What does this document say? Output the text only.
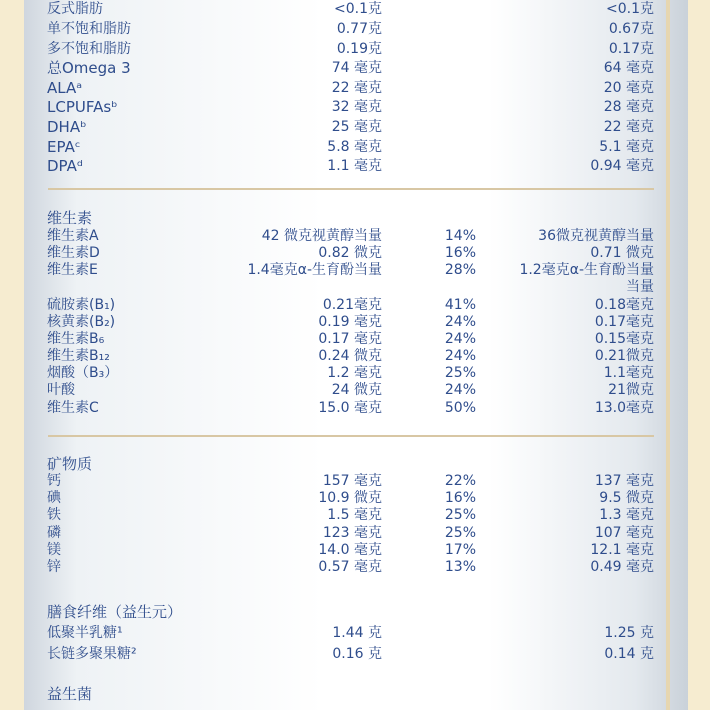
反式脂肪	<0.1克	<0.1克
单不饱和脂肪	0.77克	0.67克
多不饱和脂肪	0.19克	0.17克
总Omega 3	74 毫克	64 毫克
ALAᵃ	22 毫克	20 毫克
LCPUFAsᵇ	32 毫克	28 毫克
DHAᵇ	25 毫克	22 毫克
EPAᶜ	5.8 毫克	5.1 毫克
DPAᵈ	1.1 毫克	0.94 毫克
维生素
维生素A	42 微克视黄醇当量	14%	36微克视黄醇当量
维生素D	0.82 微克	16%	0.71 微克
维生素E	1.4毫克α-生育酚当量	28%	1.2毫克α-生育酚当量
当量
硫胺素(B₁)	0.21毫克	41%	0.18毫克
核黄素(B₂)	0.19 毫克	24%	0.17毫克
维生素B₆	0.17 毫克	24%	0.15毫克
维生素B₁₂	0.24 微克	24%	0.21微克
烟酸（B₃）	1.2 毫克	25%	1.1毫克
叶酸	24 微克	24%	21微克
维生素C	15.0 毫克	50%	13.0毫克
矿物质
钙	157 毫克	22%	137 毫克
碘	10.9 微克	16%	9.5 微克
铁	1.5 毫克	25%	1.3 毫克
磷	123 毫克	25%	107 毫克
镁	14.0 毫克	17%	12.1 毫克
锌	0.57 毫克	13%	0.49 毫克
膳食纤维（益生元）
低聚半乳糖¹	1.44 克	1.25 克
长链多聚果糖²	0.16 克	0.14 克
益生菌
